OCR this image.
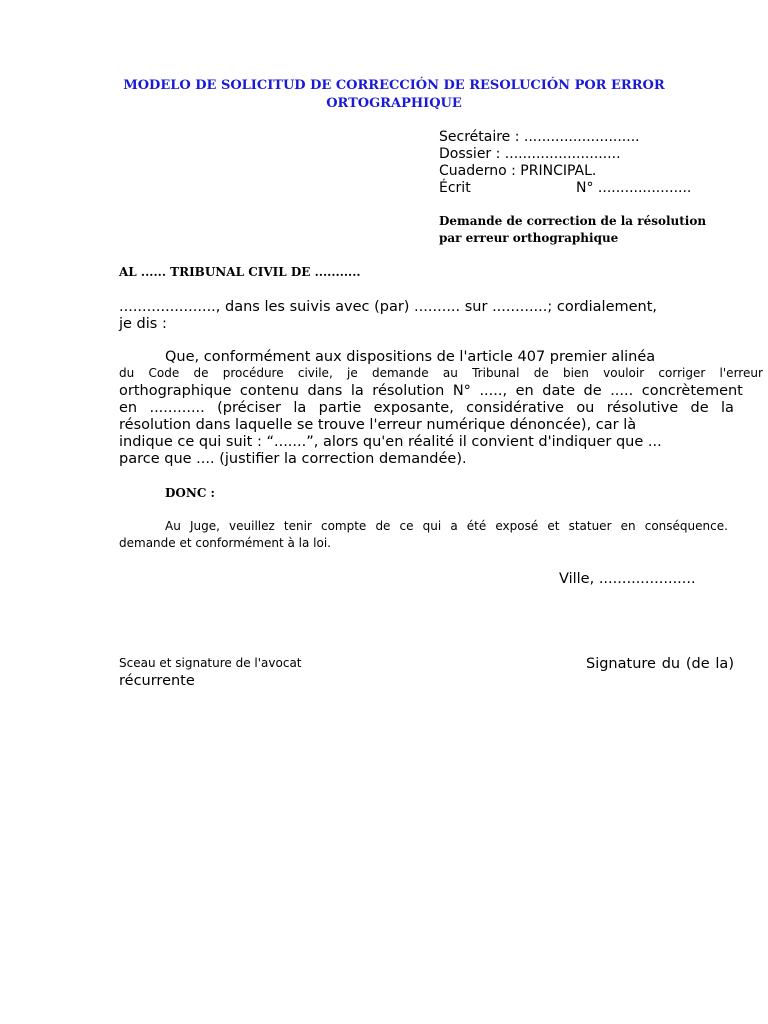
MODELO DE SOLICITUD DE CORRECCIÓN DE RESOLUCIÓN POR ERROR
ORTOGRAPHIQUE
Secrétaire : ..........................
Dossier : ..........................
Cuaderno : PRINCIPAL.
Écrit	N° .....................
Demande de correction de la résolution
par erreur orthographique
AL ...... TRIBUNAL CIVIL DE ...........
....................., dans les suivis avec (par) .......... sur ............; cordialement,
je dis :
Que, conformément aux dispositions de l'article 407 premier alinéa
du Code de procédure civile, je demande au Tribunal de bien vouloir corriger l'erreur
orthographique contenu dans la résolution N° ....., en date de ..... concrètement
en ............ (préciser la partie exposante, considérative ou résolutive de la
résolution dans laquelle se trouve l'erreur numérique dénoncée), car là
indique ce qui suit : “.......”, alors qu'en réalité il convient d'indiquer que ...
parce que .... (justifier la correction demandée).
DONC :
Au Juge, veuillez tenir compte de ce qui a été exposé et statuer en conséquence.
demande et conformément à la loi.
Ville, .....................
Sceau et signature de l'avocat
récurrente
Signature du (de la)
